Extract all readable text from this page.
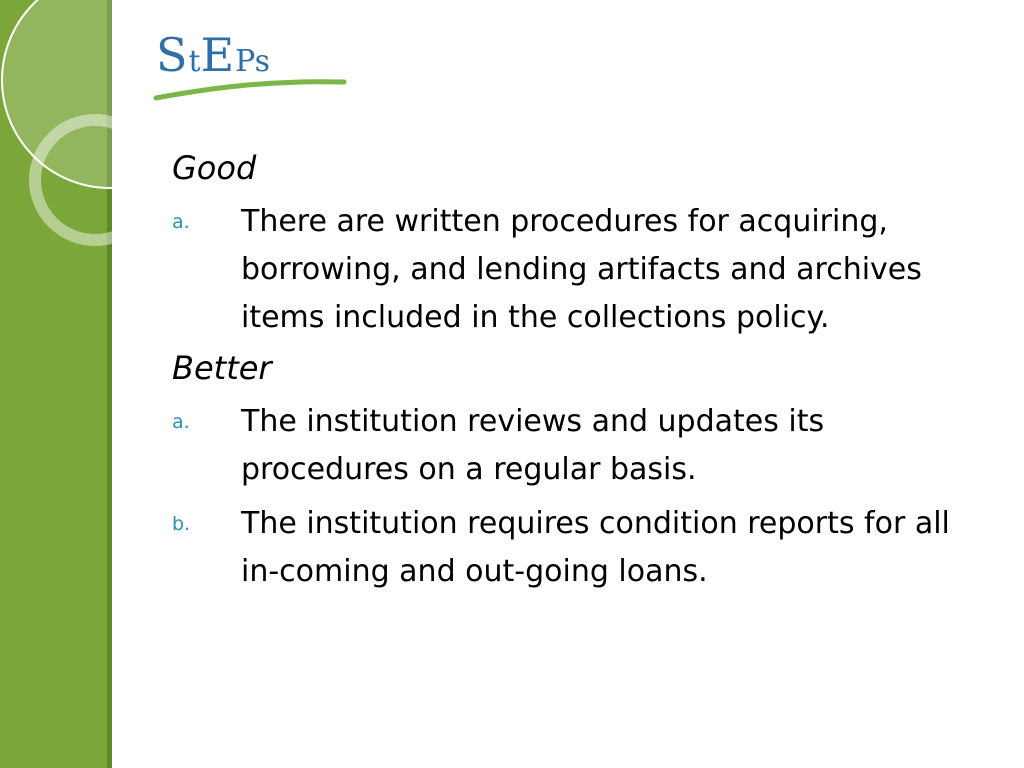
StEPs
Good
a. There are written procedures for acquiring, borrowing, and lending artifacts and archives items included in the collections policy.
Better
a. The institution reviews and updates its procedures on a regular basis.
b. The institution requires condition reports for all in-coming and out-going loans.
